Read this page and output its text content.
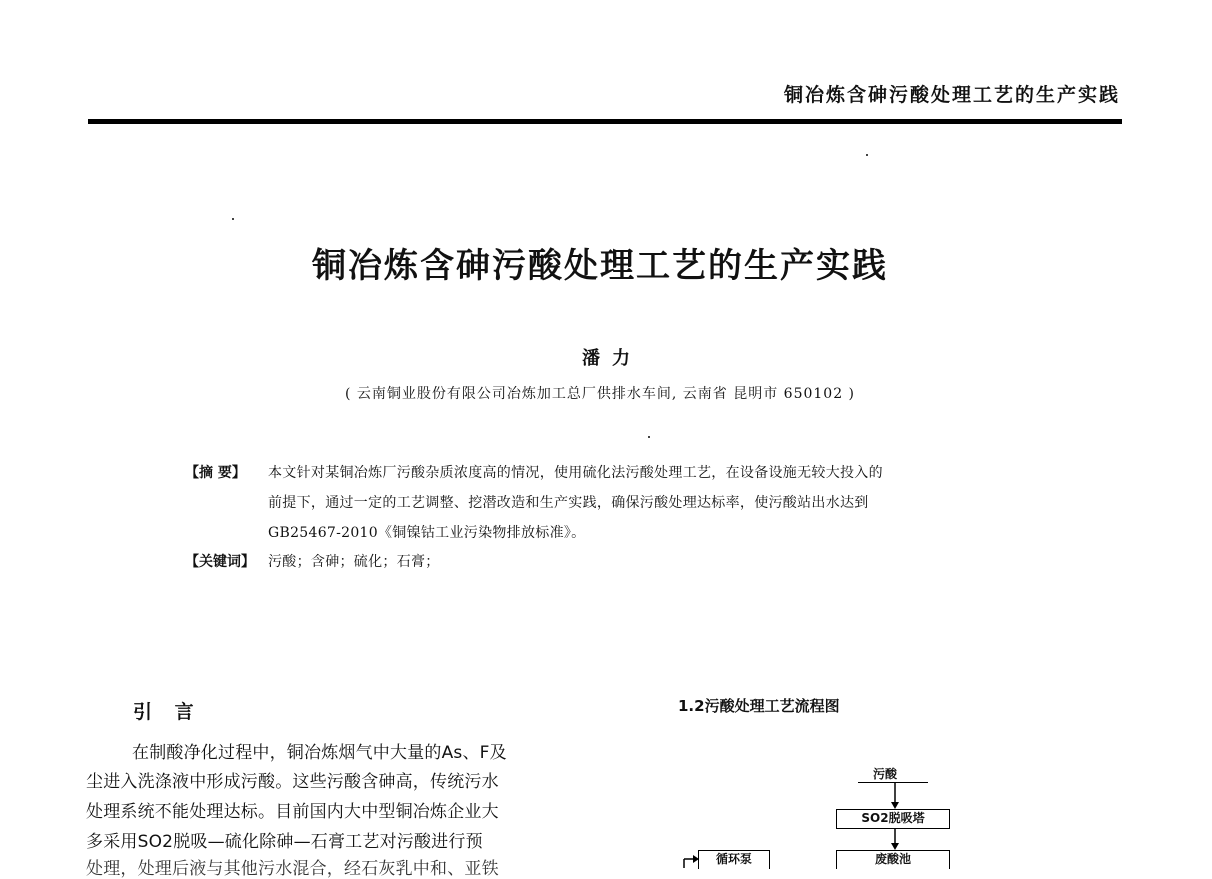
铜冶炼含砷污酸处理工艺的生产实践
铜冶炼含砷污酸处理工艺的生产实践
潘力
( 云南铜业股份有限公司冶炼加工总厂供排水车间, 云南省 昆明市 650102 )
【摘 要】 本文针对某铜冶炼厂污酸杂质浓度高的情况，使用硫化法污酸处理工艺，在设备设施无较大投入的
前提下，通过一定的工艺调整、挖潜改造和生产实践，确保污酸处理达标率，使污酸站出水达到
GB25467-2010《铜镍钴工业污染物排放标准》。
【关键词】 污酸；含砷；硫化；石膏；
引 言
在制酸净化过程中，铜冶炼烟气中大量的As、F及
尘进入洗涤液中形成污酸。这些污酸含砷高，传统污水
处理系统不能处理达标。目前国内大中型铜冶炼企业大
多采用SO2脱吸—硫化除砷—石膏工艺对污酸进行预
处理，处理后液与其他污水混合，经石灰乳中和、亚铁
1.2污酸处理工艺流程图
污酸
SO2脱吸塔
废酸池
循环泵
